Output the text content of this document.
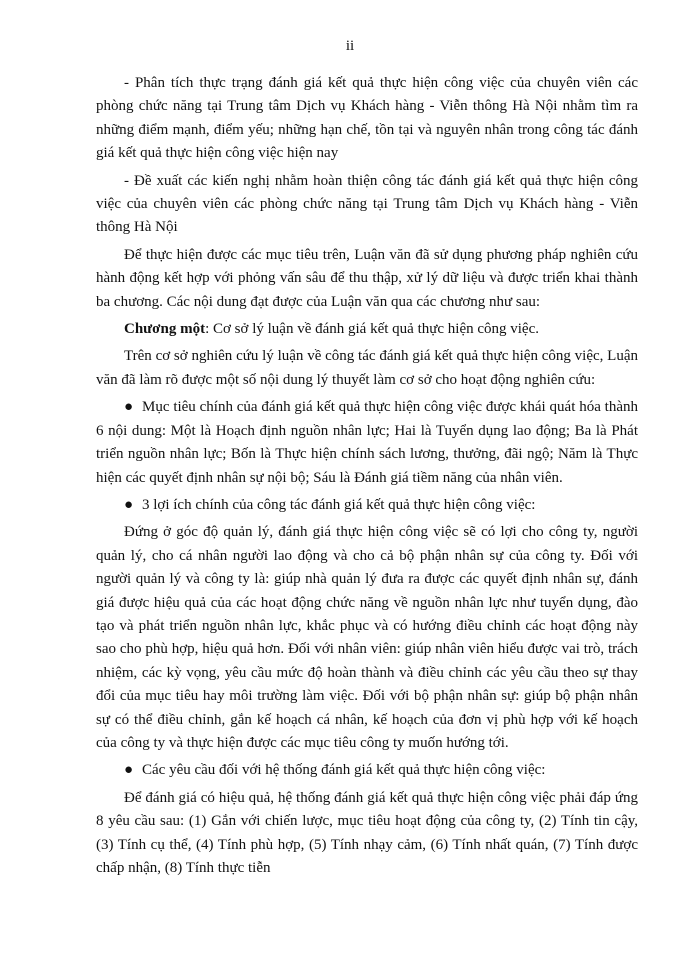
ii

- Phân tích thực trạng đánh giá kết quả thực hiện công việc của chuyên viên các phòng chức năng tại Trung tâm Dịch vụ Khách hàng - Viễn thông Hà Nội nhằm tìm ra những điểm mạnh, điểm yếu; những hạn chế, tồn tại và nguyên nhân trong công tác đánh giá kết quả thực hiện công việc hiện nay

- Đề xuất các kiến nghị nhằm hoàn thiện công tác đánh giá kết quả thực hiện công việc của chuyên viên các phòng chức năng tại Trung tâm Dịch vụ Khách hàng - Viễn thông Hà Nội

Để thực hiện được các mục tiêu trên, Luận văn đã sử dụng phương pháp nghiên cứu hành động kết hợp với phỏng vấn sâu để thu thập, xử lý dữ liệu và được triển khai thành ba chương. Các nội dung đạt được của Luận văn qua các chương như sau:

Chương một: Cơ sở lý luận về đánh giá kết quả thực hiện công việc.

Trên cơ sở nghiên cứu lý luận về công tác đánh giá kết quả thực hiện công việc, Luận văn đã làm rõ được một số nội dung lý thuyết làm cơ sở cho hoạt động nghiên cứu:

● Mục tiêu chính của đánh giá kết quả thực hiện công việc được khái quát hóa thành 6 nội dung: Một là Hoạch định nguồn nhân lực; Hai là Tuyển dụng lao động; Ba là Phát triển nguồn nhân lực; Bốn là Thực hiện chính sách lương, thưởng, đãi ngộ; Năm là Thực hiện các quyết định nhân sự nội bộ; Sáu là Đánh giá tiềm năng của nhân viên.

● 3 lợi ích chính của công tác đánh giá kết quả thực hiện công việc:

Đứng ở góc độ quản lý, đánh giá thực hiện công việc sẽ có lợi cho công ty, người quản lý, cho cá nhân người lao động và cho cả bộ phận nhân sự của công ty. Đối với người quản lý và công ty là: giúp nhà quản lý đưa ra được các quyết định nhân sự, đánh giá được hiệu quả của các hoạt động chức năng về nguồn nhân lực như tuyển dụng, đào tạo và phát triển nguồn nhân lực, khắc phục và có hướng điều chỉnh các hoạt động này sao cho phù hợp, hiệu quả hơn. Đối với nhân viên: giúp nhân viên hiểu được vai trò, trách nhiệm, các kỳ vọng, yêu cầu mức độ hoàn thành và điều chỉnh các yêu cầu theo sự thay đổi của mục tiêu hay môi trường làm việc. Đối với bộ phận nhân sự: giúp bộ phận nhân sự có thể điều chỉnh, gắn kế hoạch cá nhân, kế hoạch của đơn vị phù hợp với kế hoạch của công ty và thực hiện được các mục tiêu công ty muốn hướng tới.

● Các yêu cầu đối với hệ thống đánh giá kết quả thực hiện công việc:

Để đánh giá có hiệu quả, hệ thống đánh giá kết quả thực hiện công việc phải đáp ứng 8 yêu cầu sau: (1) Gắn với chiến lược, mục tiêu hoạt động của công ty, (2) Tính tin cậy, (3) Tính cụ thể, (4) Tính phù hợp, (5) Tính nhạy cảm, (6) Tính nhất quán, (7) Tính được chấp nhận, (8) Tính thực tiễn
